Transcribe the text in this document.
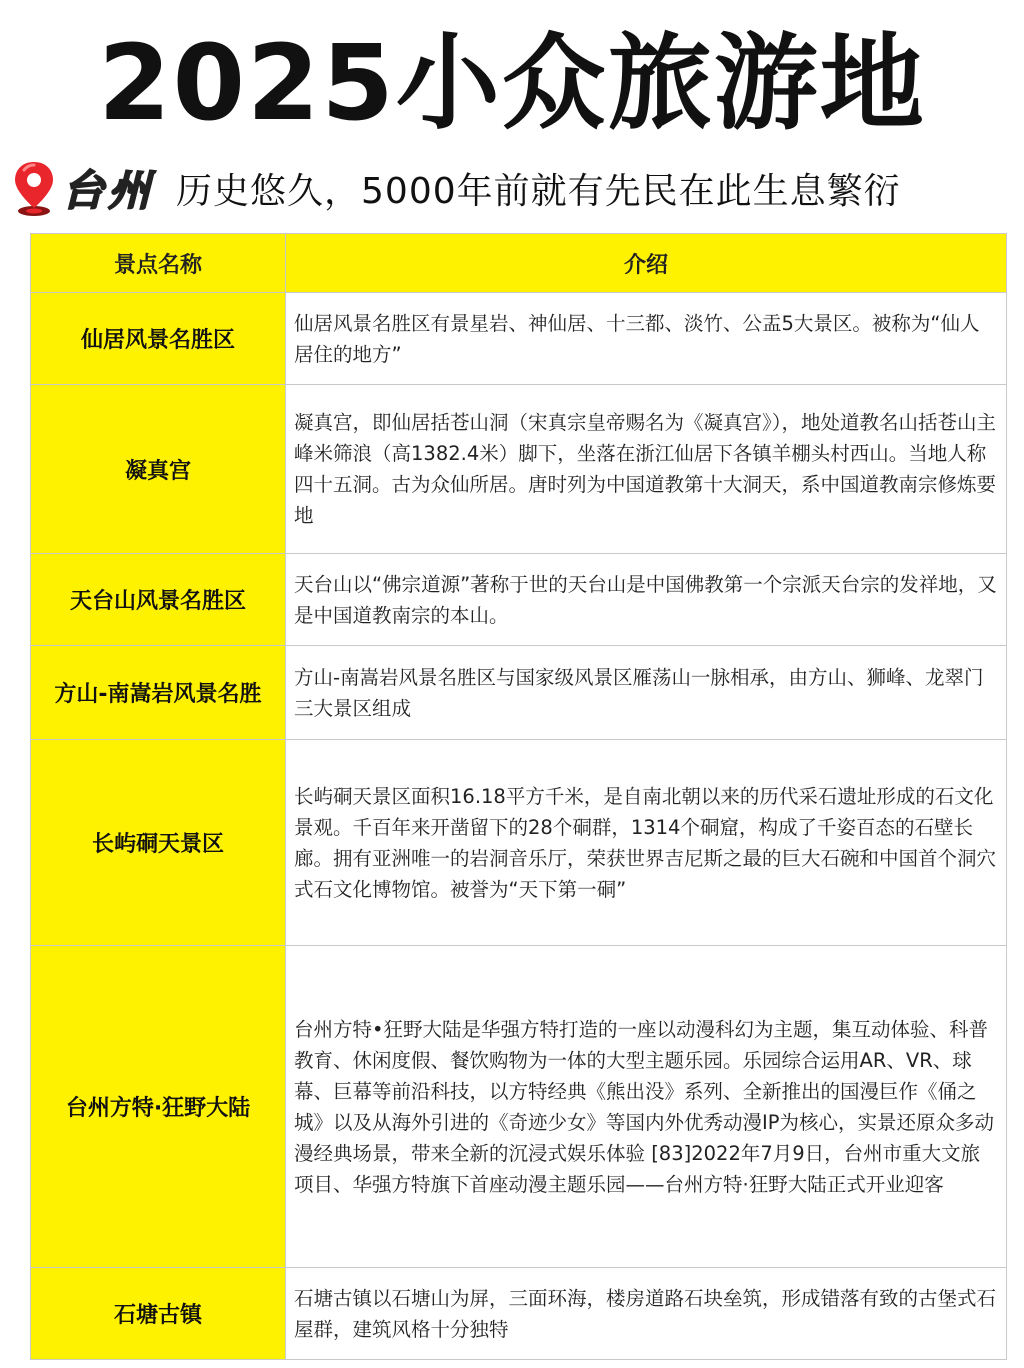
2025小众旅游地
台州 历史悠久，5000年前就有先民在此生息繁衍
景点名称	介绍
仙居风景名胜区	仙居风景名胜区有景星岩、神仙居、十三都、淡竹、公盂5大景区。被称为“仙人居住的地方”
凝真宫	凝真宫，即仙居括苍山洞（宋真宗皇帝赐名为《凝真宫》），地处道教名山括苍山主峰米筛浪（高1382.4米）脚下，坐落在浙江仙居下各镇羊棚头村西山。当地人称四十五洞。古为众仙所居。唐时列为中国道教第十大洞天，系中国道教南宗修炼要地
天台山风景名胜区	天台山以“佛宗道源”著称于世的天台山是中国佛教第一个宗派天台宗的发祥地，又是中国道教南宗的本山。
方山-南嵩岩风景名胜	方山-南嵩岩风景名胜区与国家级风景区雁荡山一脉相承，由方山、狮峰、龙翠门三大景区组成
长屿硐天景区	长屿硐天景区面积16.18平方千米，是自南北朝以来的历代采石遗址形成的石文化景观。千百年来开凿留下的28个硐群，1314个硐窟，构成了千姿百态的石壁长廊。拥有亚洲唯一的岩洞音乐厅，荣获世界吉尼斯之最的巨大石碗和中国首个洞穴式石文化博物馆。被誉为“天下第一硐”
台州方特·狂野大陆	台州方特•狂野大陆是华强方特打造的一座以动漫科幻为主题，集互动体验、科普教育、休闲度假、餐饮购物为一体的大型主题乐园。乐园综合运用AR、VR、球幕、巨幕等前沿科技，以方特经典《熊出没》系列、全新推出的国漫巨作《俑之城》以及从海外引进的《奇迹少女》等国内外优秀动漫IP为核心，实景还原众多动漫经典场景，带来全新的沉浸式娱乐体验 [83]2022年7月9日，台州市重大文旅项目、华强方特旗下首座动漫主题乐园——台州方特·狂野大陆正式开业迎客
石塘古镇	石塘古镇以石塘山为屏，三面环海，楼房道路石块垒筑，形成错落有致的古堡式石屋群，建筑风格十分独特
